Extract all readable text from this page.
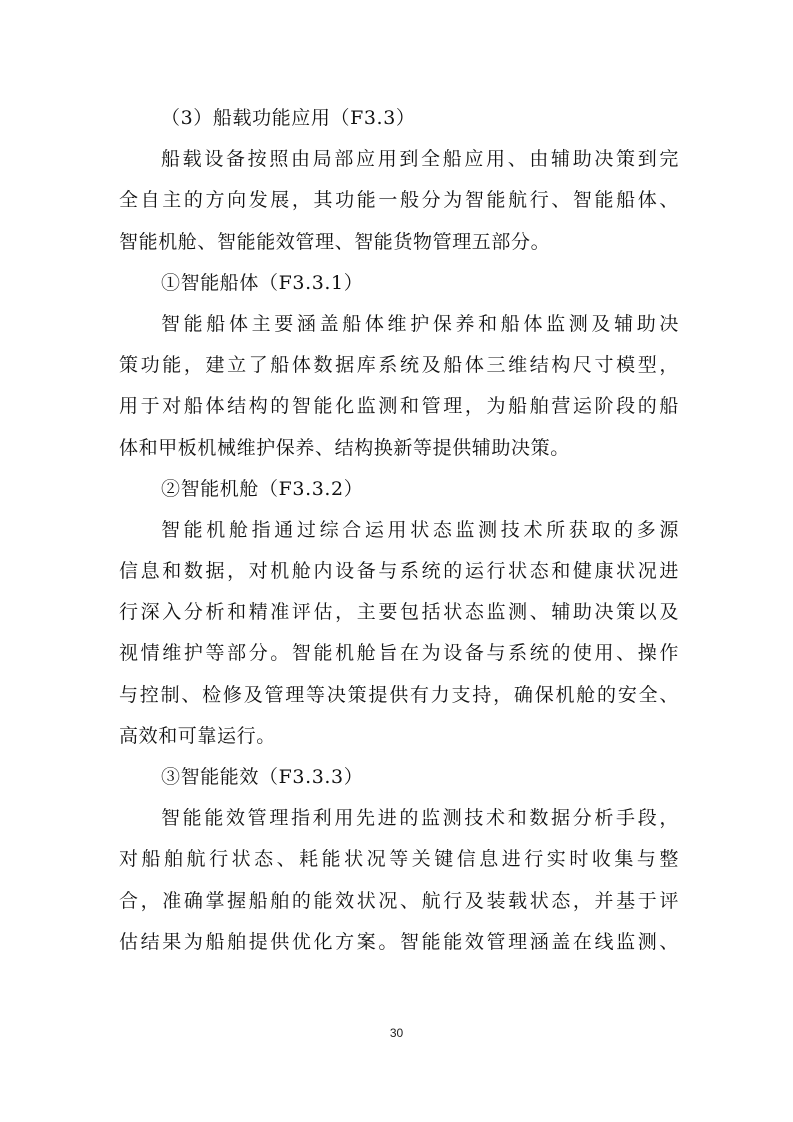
（3）船载功能应用（F3.3）
船载设备按照由局部应用到全船应用、由辅助决策到完
全自主的方向发展，其功能一般分为智能航行、智能船体、
智能机舱、智能能效管理、智能货物管理五部分。
①智能船体（F3.3.1）
智能船体主要涵盖船体维护保养和船体监测及辅助决
策功能，建立了船体数据库系统及船体三维结构尺寸模型，
用于对船体结构的智能化监测和管理，为船舶营运阶段的船
体和甲板机械维护保养、结构换新等提供辅助决策。
②智能机舱（F3.3.2）
智能机舱指通过综合运用状态监测技术所获取的多源
信息和数据，对机舱内设备与系统的运行状态和健康状况进
行深入分析和精准评估，主要包括状态监测、辅助决策以及
视情维护等部分。智能机舱旨在为设备与系统的使用、操作
与控制、检修及管理等决策提供有力支持，确保机舱的安全、
高效和可靠运行。
③智能能效（F3.3.3）
智能能效管理指利用先进的监测技术和数据分析手段，
对船舶航行状态、耗能状况等关键信息进行实时收集与整
合，准确掌握船舶的能效状况、航行及装载状态，并基于评
估结果为船舶提供优化方案。智能能效管理涵盖在线监测、
30
